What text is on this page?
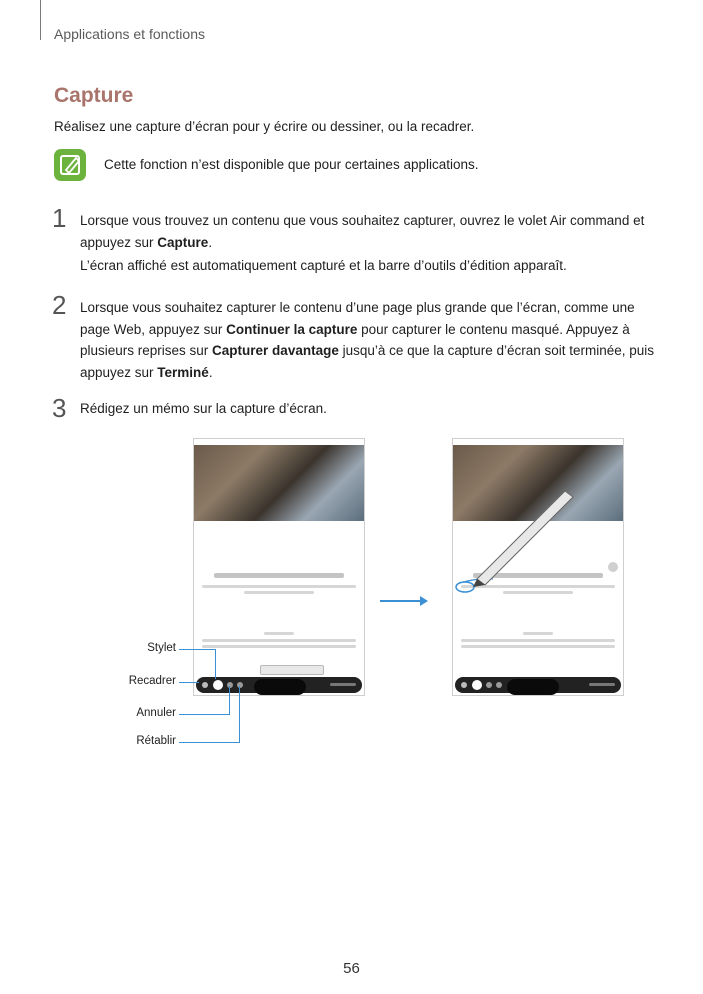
Applications et fonctions
Capture
Réalisez une capture d’écran pour y écrire ou dessiner, ou la recadrer.
Cette fonction n’est disponible que pour certaines applications.
1 Lorsque vous trouvez un contenu que vous souhaitez capturer, ouvrez le volet Air command et
appuyez sur Capture.
L’écran affiché est automatiquement capturé et la barre d’outils d’édition apparaît.
2 Lorsque vous souhaitez capturer le contenu d’une page plus grande que l’écran, comme une
page Web, appuyez sur Continuer la capture pour capturer le contenu masqué. Appuyez à
plusieurs reprises sur Capturer davantage jusqu’à ce que la capture d’écran soit terminée, puis
appuyez sur Terminé.
3 Rédigez un mémo sur la capture d’écran.
Stylet
Recadrer
Annuler
Rétablir
56
